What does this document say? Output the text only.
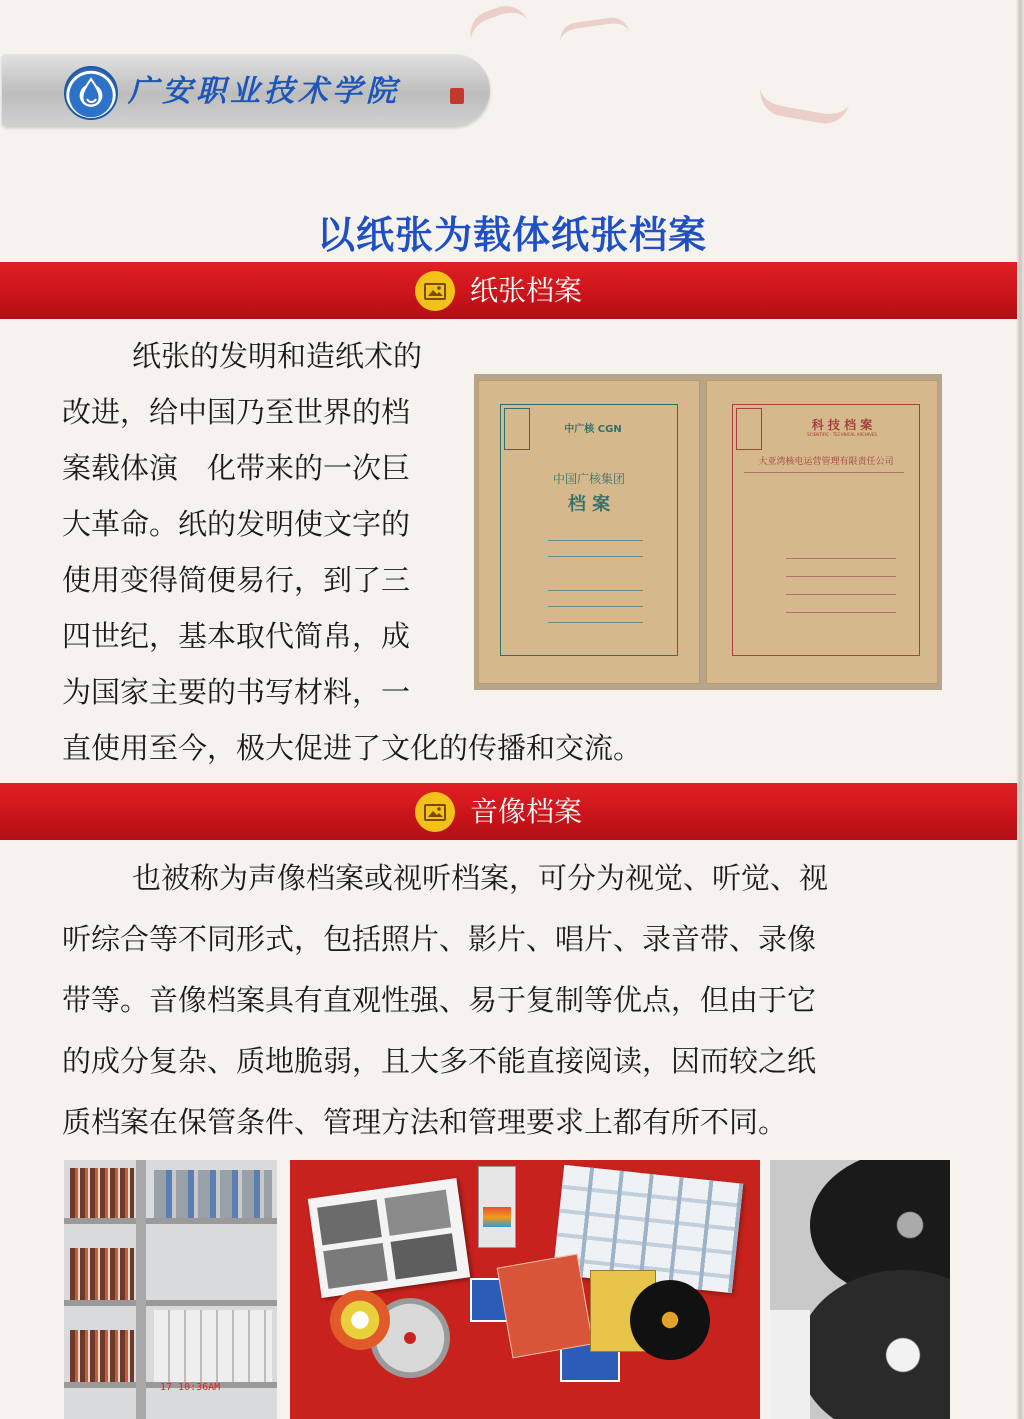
广安职业技术学院
以纸张为载体纸张档案
纸张档案
纸张的发明和造纸术的
改进，给中国乃至世界的档
案载体演　化带来的一次巨
大革命。纸的发明使文字的
使用变得简便易行，到了三
四世纪，基本取代简帛，成
为国家主要的书写材料，一
直使用至今，极大促进了文化的传播和交流。
中广核 CGN
中国广核集团
档 案
科 技 档 案
SCIENTIFIC · TECHNICAL ARCHIVES
大亚湾核电运营管理有限责任公司
音像档案
也被称为声像档案或视听档案，可分为视觉、听觉、视
听综合等不同形式，包括照片、影片、唱片、录音带、录像
带等。音像档案具有直观性强、易于复制等优点，但由于它
的成分复杂、质地脆弱，且大多不能直接阅读，因而较之纸
质档案在保管条件、管理方法和管理要求上都有所不同。
17 10:36AM
